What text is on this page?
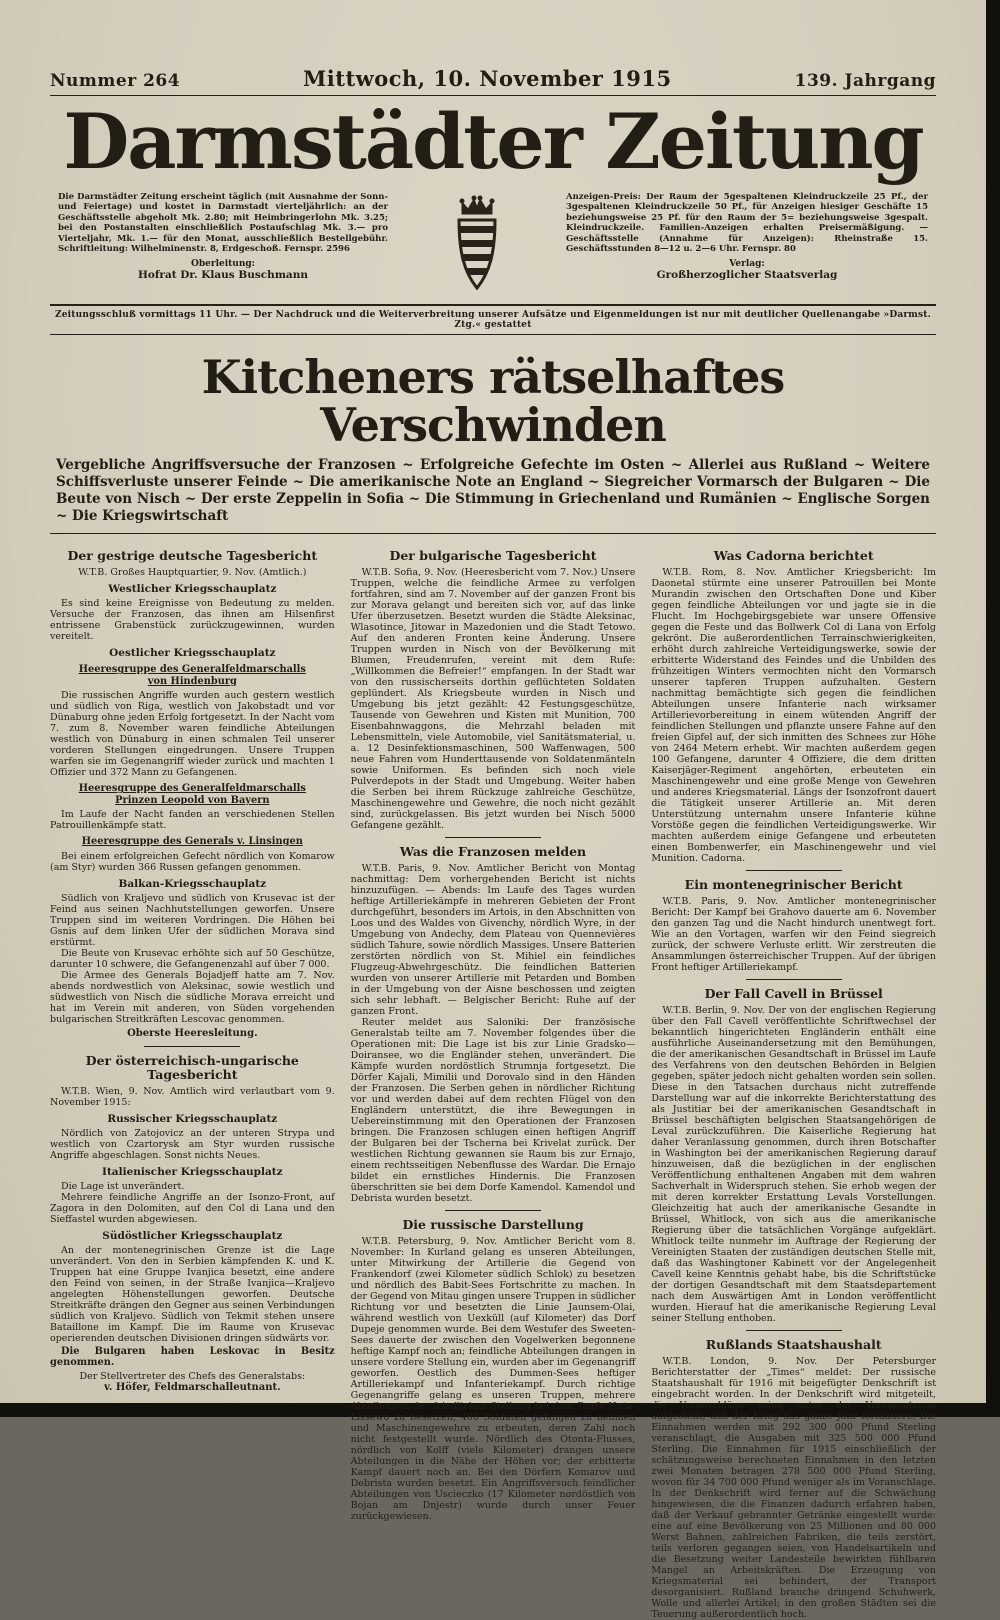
Nummer 264	Mittwoch, 10. November 1915	139. Jahrgang
Darmstädter Zeitung
Die Darmstädter Zeitung erscheint täglich (mit Ausnahme der Sonn- und Feiertage) und kostet in Darmstadt vierteljährlich: an der Geschäftsstelle abgeholt Mk. 2.80; mit Heimbringerlohn Mk. 3.25; bei den Postanstalten einschließlich Postaufschlag Mk. 3.— pro Vierteljahr, Mk. 1.— für den Monat, ausschließlich Bestellgebühr. Schriftleitung: Wilhelminenstr. 8, Erdgeschoß. Fernspr. 2596
Oberleitung:
Hofrat Dr. Klaus Buschmann
Anzeigen-Preis: Der Raum der 5gespaltenen Kleindruckzeile 25 Pf., der 3gespaltenen Kleindruckzeile 50 Pf., für Anzeigen hiesiger Geschäfte 15 beziehungsweise 25 Pf. für den Raum der 5= beziehungsweise 3gespalt. Kleindruckzeile. Familien-Anzeigen erhalten Preisermäßigung. — Geschäftsstelle (Annahme für Anzeigen): Rheinstraße 15. Geschäftsstunden 8—12 u. 2—6 Uhr. Fernspr. 80
Verlag:
Großherzoglicher Staatsverlag
Zeitungsschluß vormittags 11 Uhr. — Der Nachdruck und die Weiterverbreitung unserer Aufsätze und Eigenmeldungen ist nur mit deutlicher Quellenangabe »Darmst. Ztg.« gestattet
Kitcheners rätselhaftes Verschwinden

Vergebliche Angriffsversuche der Franzosen ~ Erfolgreiche Gefechte im Osten ~ Allerlei aus Rußland ~ Weitere Schiffsverluste unserer Feinde ~ Die amerikanische Note an England ~ Siegreicher Vormarsch der Bulgaren ~ Die Beute von Nisch ~ Der erste Zeppelin in Sofia ~ Die Stimmung in Griechenland und Rumänien ~ Englische Sorgen ~ Die Kriegswirtschaft

Der gestrige deutsche Tagesbericht
W.T.B. Großes Hauptquartier, 9. Nov. (Amtlich.)
Westlicher Kriegsschauplatz
Es sind keine Ereignisse von Bedeutung zu melden. Versuche der Franzosen, das ihnen am Hilsenfirst entrissene Grabenstück zurückzugewinnen, wurden vereitelt.
Oestlicher Kriegsschauplatz
Heeresgruppe des Generalfeldmarschalls von Hindenburg
Die russischen Angriffe wurden auch gestern westlich und südlich von Riga, westlich von Jakobstadt und vor Dünaburg ohne jeden Erfolg fortgesetzt. In der Nacht vom 7. zum 8. November waren feindliche Abteilungen westlich von Dünaburg in einen schmalen Teil unserer vorderen Stellungen eingedrungen. Unsere Truppen warfen sie im Gegenangriff wieder zurück und machten 1 Offizier und 372 Mann zu Gefangenen.
Heeresgruppe des Generalfeldmarschalls Prinzen Leopold von Bayern
Im Laufe der Nacht fanden an verschiedenen Stellen Patrouillenkämpfe statt.
Heeresgruppe des Generals v. Linsingen
Bei einem erfolgreichen Gefecht nördlich von Komarow (am Styr) wurden 366 Russen gefangen genommen.
Balkan-Kriegsschauplatz
Südlich von Kraljevo und südlich von Krusevac ist der Feind aus seinen Nachhutstellungen geworfen. Unsere Truppen sind im weiteren Vordringen. Die Höhen bei Gsnis auf dem linken Ufer der südlichen Morava sind erstürmt.
Die Beute von Krusevac erhöhte sich auf 50 Geschütze, darunter 10 schwere, die Gefangenenzahl auf über 7 000.
Die Armee des Generals Bojadjeff hatte am 7. Nov. abends nordwestlich von Aleksinac, sowie westlich und südwestlich von Nisch die südliche Morava erreicht und hat im Verein mit anderen, von Süden vorgehenden bulgarischen Streitkräften Lescovac genommen.
Oberste Heeresleitung.
Der österreichisch-ungarische Tagesbericht
W.T.B. Wien, 9. Nov. Amtlich wird verlautbart vom 9. November 1915:
Russischer Kriegsschauplatz
Nördlich von Zatojovicz an der unteren Strypa und westlich von Czartorysk am Styr wurden russische Angriffe abgeschlagen. Sonst nichts Neues.
Italienischer Kriegsschauplatz
Die Lage ist unverändert.
Mehrere feindliche Angriffe an der Isonzo-Front, auf Zagora in den Dolomiten, auf den Col di Lana und den Sieffastel wurden abgewiesen.
Südöstlicher Kriegsschauplatz
An der montenegrinischen Grenze ist die Lage unverändert. Von den in Serbien kämpfenden K. und K. Truppen hat eine Gruppe Ivanjica besetzt, eine andere den Feind von seinen, in der Straße Ivanjica—Kraljevo angelegten Höhenstellungen geworfen. Deutsche Streitkräfte drängen den Gegner aus seinen Verbindungen südlich von Kraljevo. Südlich von Tekmit stehen unsere Bataillone im Kampf. Die im Raume von Krusevac operierenden deutschen Divisionen dringen südwärts vor.
Die Bulgaren haben Leskovac in Besitz genommen.
Der Stellvertreter des Chefs des Generalstabs:
v. Höfer, Feldmarschalleutnant.
Der bulgarische Tagesbericht
W.T.B. Sofia, 9. Nov. (Heeresbericht vom 7. Nov.) Unsere Truppen, welche die feindliche Armee zu verfolgen fortfahren, sind am 7. November auf der ganzen Front bis zur Morava gelangt und bereiten sich vor, auf das linke Ufer überzusetzen. Besetzt wurden die Städte Aleksinac, Wlasotince, Jitowar in Mazedonien und die Stadt Tetowo. Auf den anderen Fronten keine Änderung. Unsere Truppen wurden in Nisch von der Bevölkerung mit Blumen, Freudenrufen, vereint mit dem Rufe: „Willkommen die Befreier!“ empfangen. In der Stadt war von den russischerseits dorthin geflüchteten Soldaten geplündert. Als Kriegsbeute wurden in Nisch und Umgebung bis jetzt gezählt: 42 Festungsgeschütze, Tausende von Gewehren und Kisten mit Munition, 700 Eisenbahnwaggons, die Mehrzahl beladen mit Lebensmitteln, viele Automobile, viel Sanitätsmaterial, u. a. 12 Desinfektionsmaschinen, 500 Waffenwagen, 500 neue Fahren vom Hunderttausende von Soldatenmänteln sowie Uniformen. Es befinden sich noch viele Pulverdepots in der Stadt und Umgebung. Weiter haben die Serben bei ihrem Rückzuge zahlreiche Geschütze, Maschinengewehre und Gewehre, die noch nicht gezählt sind, zurückgelassen. Bis jetzt wurden bei Nisch 5000 Gefangene gezählt.
Was die Franzosen melden
W.T.B. Paris, 9. Nov. Amtlicher Bericht von Montag nachmittag: Dem vorhergehenden Bericht ist nichts hinzuzufügen. — Abends: Im Laufe des Tages wurden heftige Artilleriekämpfe in mehreren Gebieten der Front durchgeführt, besonders im Artois, in den Abschnitten von Loos und des Waldes von Givenchy, nördlich Wyre, in der Umgebung von Andechy, dem Plateau von Quennevières südlich Tahure, sowie nördlich Massiges. Unsere Batterien zerstörten nördlich von St. Mihiel ein feindliches Flugzeug-Abwehrgeschütz. Die feindlichen Batterien wurden von unserer Artillerie mit Petarden und Bomben in der Umgebung von der Aisne beschossen und zeigten sich sehr lebhaft. — Belgischer Bericht: Ruhe auf der ganzen Front.
Reuter meldet aus Saloniki: Der französische Generalstab teilte am 7. November folgendes über die Operationen mit: Die Lage ist bis zur Linie Gradsko—Doiransee, wo die Engländer stehen, unverändert. Die Kämpfe wurden nordöstlich Strumnja fortgesetzt. Die Dörfer Kajali, Mimilii und Dorovalo sind in den Händen der Franzosen. Die Serben gehen in nördlicher Richtung vor und werden dabei auf dem rechten Flügel von den Engländern unterstützt, die ihre Bewegungen in Uebereinstimmung mit den Operationen der Franzosen bringen. Die Franzosen schlugen einen heftigen Angriff der Bulgaren bei der Tscherna bei Krivelat zurück. Der westlichen Richtung gewannen sie Raum bis zur Ernajo, einem rechtsseitigen Nebenflusse des Wardar. Die Ernajo bildet ein ernstliches Hindernis. Die Franzosen überschritten sie bei dem Dorfe Kamendol. Kamendol und Debrista wurden besetzt.
Die russische Darstellung
W.T.B. Petersburg, 9. Nov. Amtlicher Bericht vom 8. November: In Kurland gelang es unseren Abteilungen, unter Mitwirkung der Artillerie die Gegend von Frankendorf (zwei Kilometer südlich Schlok) zu besetzen und nördlich des Babit-Sees Fortschritte zu machen. In der Gegend von Mitau gingen unsere Truppen in südlicher Richtung vor und besetzten die Linie Jaunsem-Olai, während westlich von Uexküll (auf Kilometer) das Dorf Dupeje genommen wurde. Bei dem Westufer des Sweeten-Sees dauerte der zwischen den Vogelwerken begonnene heftige Kampf noch an; feindliche Abteilungen drangen in unsere vordere Stellung ein, wurden aber im Gegenangriff geworfen. Oestlich des Dummen-Sees heftiger Artilleriekampf und Infanteriekampf. Durch richtige Gegenangriffe gelang es unseren Truppen, mehrere Abteilungen der feindlichen Stellung bei dem Dorfe Huta-Lissewo zu besetzen, 400 Soldaten gefangen zu nehmen und Maschinengewehre zu erbeuten, deren Zahl noch nicht festgestellt wurde. Nördlich des Otonta-Flusses, nördlich von Kolff (viele Kilometer) drangen unsere Abteilungen in die Nähe der Höhen vor; der erbitterte Kampf dauert noch an. Bei den Dörfern Komarov und Debrista wurden besetzt. Ein Angriffsversuch feindlicher Abteilungen von Uscieczko (17 Kilometer nordöstlich von Bojan am Dnjestr) wurde durch unser Feuer zurückgewiesen.
Was Cadorna berichtet
W.T.B. Rom, 8. Nov. Amtlicher Kriegsbericht: Im Daonetal stürmte eine unserer Patrouillen bei Monte Murandin zwischen den Ortschaften Done und Kiber gegen feindliche Abteilungen vor und jagte sie in die Flucht. Im Hochgebirgsgebiete war unsere Offensive gegen die Feste und das Bollwerk Col di Lana von Erfolg gekrönt. Die außerordentlichen Terrainschwierigkeiten, erhöht durch zahlreiche Verteidigungswerke, sowie der erbitterte Widerstand des Feindes und die Unbilden des frühzeitigen Winters vermochten nicht den Vormarsch unserer tapferen Truppen aufzuhalten. Gestern nachmittag bemächtigte sich gegen die feindlichen Abteilungen unsere Infanterie nach wirksamer Artillerievorbereitung in einem wütenden Angriff der feindlichen Stellungen und pflanzte unsere Fahne auf den freien Gipfel auf, der sich inmitten des Schnees zur Höhe von 2464 Metern erhebt. Wir machten außerdem gegen 100 Gefangene, darunter 4 Offiziere, die dem dritten Kaiserjäger-Regiment angehörten, erbeuteten ein Maschinengewehr und eine große Menge von Gewehren und anderes Kriegsmaterial. Längs der Isonzofront dauert die Tätigkeit unserer Artillerie an. Mit deren Unterstützung unternahm unsere Infanterie kühne Vorstöße gegen die feindlichen Verteidigungswerke. Wir machten außerdem einige Gefangene und erbeuteten einen Bombenwerfer, ein Maschinengewehr und viel Munition. Cadorna.
Ein montenegrinischer Bericht
W.T.B. Paris, 9. Nov. Amtlicher montenegrinischer Bericht: Der Kampf bei Grahovo dauerte am 6. November den ganzen Tag und die Nacht hindurch unentwegt fort. Wie an den Vortagen, warfen wir den Feind siegreich zurück, der schwere Verluste erlitt. Wir zerstreuten die Ansammlungen österreichischer Truppen. Auf der übrigen Front heftiger Artilleriekampf.
Der Fall Cavell in Brüssel
W.T.B. Berlin, 9. Nov. Der von der englischen Regierung über den Fall Cavell veröffentlichte Schriftwechsel der bekanntlich hingerichteten Engländerin enthält eine ausführliche Auseinandersetzung mit den Bemühungen, die der amerikanischen Gesandtschaft in Brüssel im Laufe des Verfahrens von den deutschen Behörden in Belgien gegeben, später jedoch nicht gehalten worden sein sollen. Diese in den Tatsachen durchaus nicht zutreffende Darstellung war auf die inkorrekte Berichterstattung des als Justitiar bei der amerikanischen Gesandtschaft in Brüssel beschäftigten belgischen Staatsangehörigen de Leval zurückzuführen. Die Kaiserliche Regierung hat daher Veranlassung genommen, durch ihren Botschafter in Washington bei der amerikanischen Regierung darauf hinzuweisen, daß die bezüglichen in der englischen Veröffentlichung enthaltenen Angaben mit dem wahren Sachverhalt in Widerspruch stehen. Sie erhob wegen der mit deren korrekter Erstattung Levals Vorstellungen. Gleichzeitig hat auch der amerikanische Gesandte in Brüssel, Whitlock, von sich aus die amerikanische Regierung über die tatsächlichen Vorgänge aufgeklärt. Whitlock teilte nunmehr im Auftrage der Regierung der Vereinigten Staaten der zuständigen deutschen Stelle mit, daß das Washingtoner Kabinett vor der Angelegenheit Cavell keine Kenntnis gehabt habe, bis die Schriftstücke der dortigen Gesandtschaft mit dem Staatsdepartement nach dem Auswärtigen Amt in London veröffentlicht wurden. Hierauf hat die amerikanische Regierung Leval seiner Stellung enthoben.
Rußlands Staatshaushalt
W.T.B. London, 9. Nov. Der Petersburger Berichterstatter der „Times“ meldet: Der russische Staatshaushalt für 1916 mit beigefügter Denkschrift ist eingebracht worden. In der Denkschrift wird mitgeteilt, die Voranschläge seien unter der Voraussetzung aufgestellt, daß der Krieg das ganze Jahr fortdauere. Die Einnahmen werden mit 292 300 000 Pfund Sterling veranschlagt, die Ausgaben mit 325 500 000 Pfund Sterling. Die Einnahmen für 1915 einschließlich der schätzungsweise berechneten Einnahmen in den letzten zwei Monaten betragen 278 500 000 Pfund Sterling, wovon für 34 700 000 Pfund weniger als im Voranschlage. In der Denkschrift wird ferner auf die Schwächung hingewiesen, die die Finanzen dadurch erfahren haben, daß der Verkauf gebrannter Getränke eingestellt wurde: eine auf eine Bevölkerung von 25 Millionen und 80 000 Werst Bahnen, zahlreichen Fabriken, die teils zerstört, teils verloren gegangen seien, von Handelsartikeln und die Besetzung weiter Landesteile bewirkten fühlbaren Mangel an Arbeitskräften. Die Erzeugung von Kriegsmaterial sei behindert, der Transport desorganisiert. Rußland brauche dringend Schuhwerk, Wolle und allerlei Artikel; in den großen Städten sei die Teuerung außerordentlich hoch.
